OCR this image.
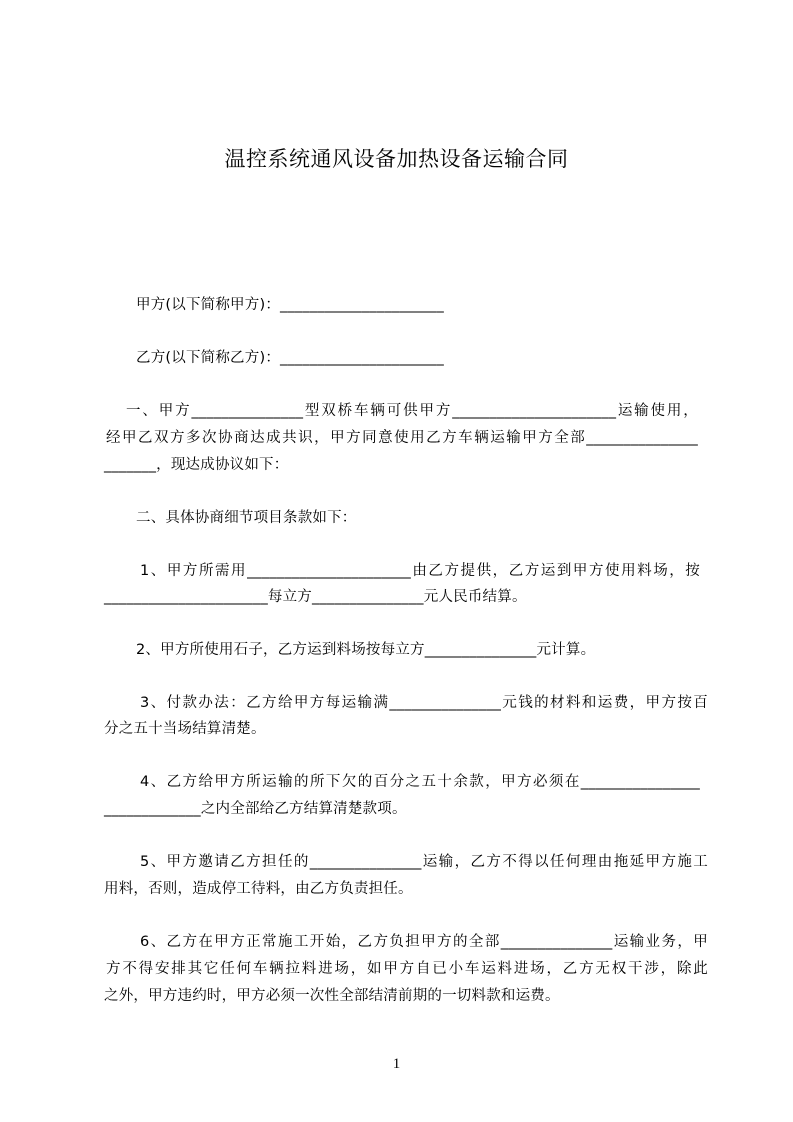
温控系统通风设备加热设备运输合同
甲方(以下简称甲方)：______________________
乙方(以下简称乙方)：______________________
一、甲方_______________型双桥车辆可供甲方______________________运输使用，
经甲乙双方多次协商达成共识，甲方同意使用乙方车辆运输甲方全部_______________
_______，现达成协议如下：
二、具体协商细节项目条款如下：
1、甲方所需用______________________由乙方提供，乙方运到甲方使用料场，按
______________________每立方_______________元人民币结算。
2、甲方所使用石子，乙方运到料场按每立方_______________元计算。
3、付款办法：乙方给甲方每运输满_______________元钱的材料和运费，甲方按百
分之五十当场结算清楚。
4、乙方给甲方所运输的所下欠的百分之五十余款，甲方必须在________________
_____________之内全部给乙方结算清楚款项。
5、甲方邀请乙方担任的_______________运输，乙方不得以任何理由拖延甲方施工
用料，否则，造成停工待料，由乙方负责担任。
6、乙方在甲方正常施工开始，乙方负担甲方的全部_______________运输业务，甲
方不得安排其它任何车辆拉料进场，如甲方自已小车运料进场，乙方无权干涉，除此
之外，甲方违约时，甲方必须一次性全部结清前期的一切料款和运费。
1
